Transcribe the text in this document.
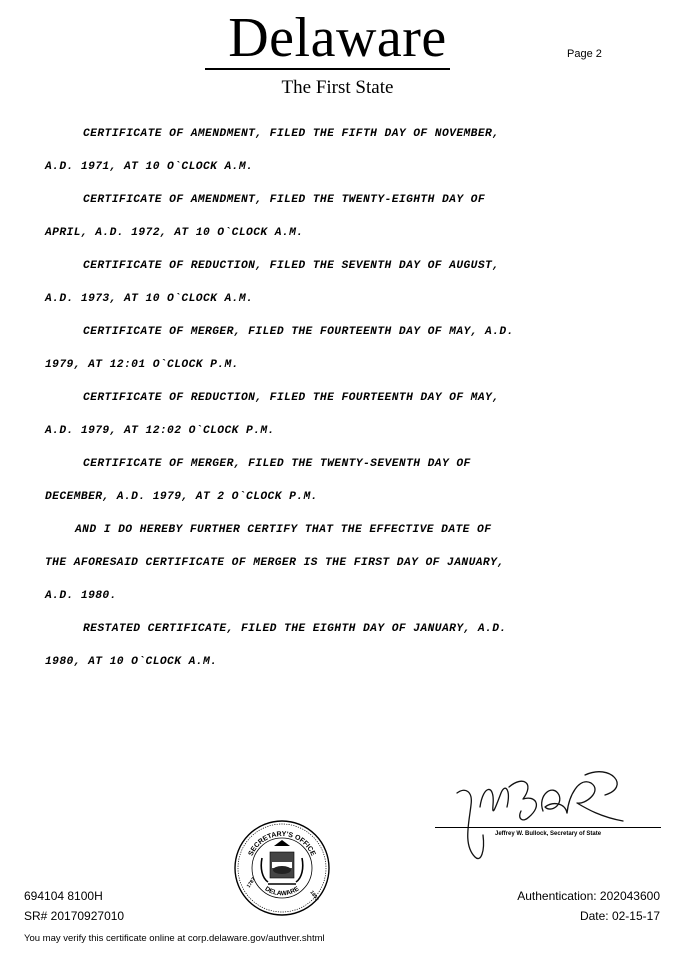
Delaware
The First State
Page 2
CERTIFICATE OF AMENDMENT, FILED THE FIFTH DAY OF NOVEMBER,
A.D. 1971, AT 10 O`CLOCK A.M.
CERTIFICATE OF AMENDMENT, FILED THE TWENTY-EIGHTH DAY OF
APRIL, A.D. 1972, AT 10 O`CLOCK A.M.
CERTIFICATE OF REDUCTION, FILED THE SEVENTH DAY OF AUGUST,
A.D. 1973, AT 10 O`CLOCK A.M.
CERTIFICATE OF MERGER, FILED THE FOURTEENTH DAY OF MAY, A.D.
1979, AT 12:01 O`CLOCK P.M.
CERTIFICATE OF REDUCTION, FILED THE FOURTEENTH DAY OF MAY,
A.D. 1979, AT 12:02 O`CLOCK P.M.
CERTIFICATE OF MERGER, FILED THE TWENTY-SEVENTH DAY OF
DECEMBER, A.D. 1979, AT 2 O`CLOCK P.M.
AND I DO HEREBY FURTHER CERTIFY THAT THE EFFECTIVE DATE OF
THE AFORESAID CERTIFICATE OF MERGER IS THE FIRST DAY OF JANUARY,
A.D. 1980.
RESTATED CERTIFICATE, FILED THE EIGHTH DAY OF JANUARY, A.D.
1980, AT 10 O`CLOCK A.M.
Jeffrey W. Bullock, Secretary of State
SECRETARY'S OFFICE
DELAWARE
1787
1893
694104 8100H
SR# 20170927010
You may verify this certificate online at corp.delaware.gov/authver.shtml
Authentication: 202043600
Date: 02-15-17
